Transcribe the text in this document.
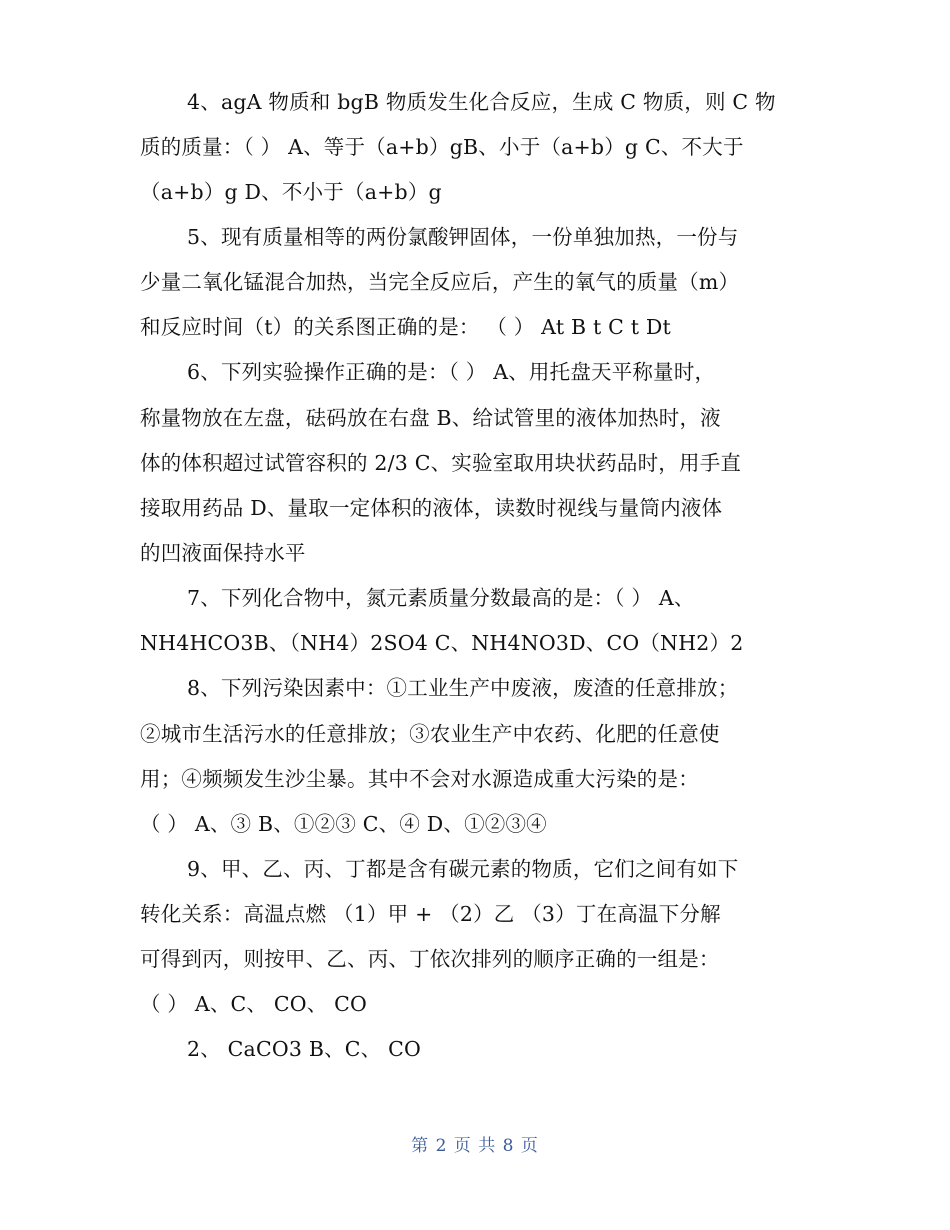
4、agA 物质和 bgB 物质发生化合反应，生成 C 物质，则 C 物
质的质量：（ ） A、等于（a+b）gB、小于（a+b）g C、不大于
（a+b）g D、不小于（a+b）g
5、现有质量相等的两份氯酸钾固体，一份单独加热，一份与
少量二氧化锰混合加热，当完全反应后，产生的氧气的质量（m）
和反应时间（t）的关系图正确的是： （ ） At B t C t Dt
6、下列实验操作正确的是：（ ） A、用托盘天平称量时，
称量物放在左盘，砝码放在右盘 B、给试管里的液体加热时，液
体的体积超过试管容积的 2/3 C、实验室取用块状药品时，用手直
接取用药品 D、量取一定体积的液体，读数时视线与量筒内液体
的凹液面保持水平
7、下列化合物中，氮元素质量分数最高的是：（ ） A、
NH4HCO3B、（NH4）2SO4 C、NH4NO3D、CO（NH2）2
8、下列污染因素中：①工业生产中废液，废渣的任意排放；
②城市生活污水的任意排放；③农业生产中农药、化肥的任意使
用；④频频发生沙尘暴。其中不会对水源造成重大污染的是：
（ ） A、③ B、①②③ C、④ D、①②③④
9、甲、乙、丙、丁都是含有碳元素的物质，它们之间有如下
转化关系：高温点燃 （1）甲 + （2）乙 （3）丁在高温下分解
可得到丙，则按甲、乙、丙、丁依次排列的顺序正确的一组是：
（ ） A、C、 CO、 CO
2、 CaCO3 B、C、 CO
第 2 页 共 8 页
